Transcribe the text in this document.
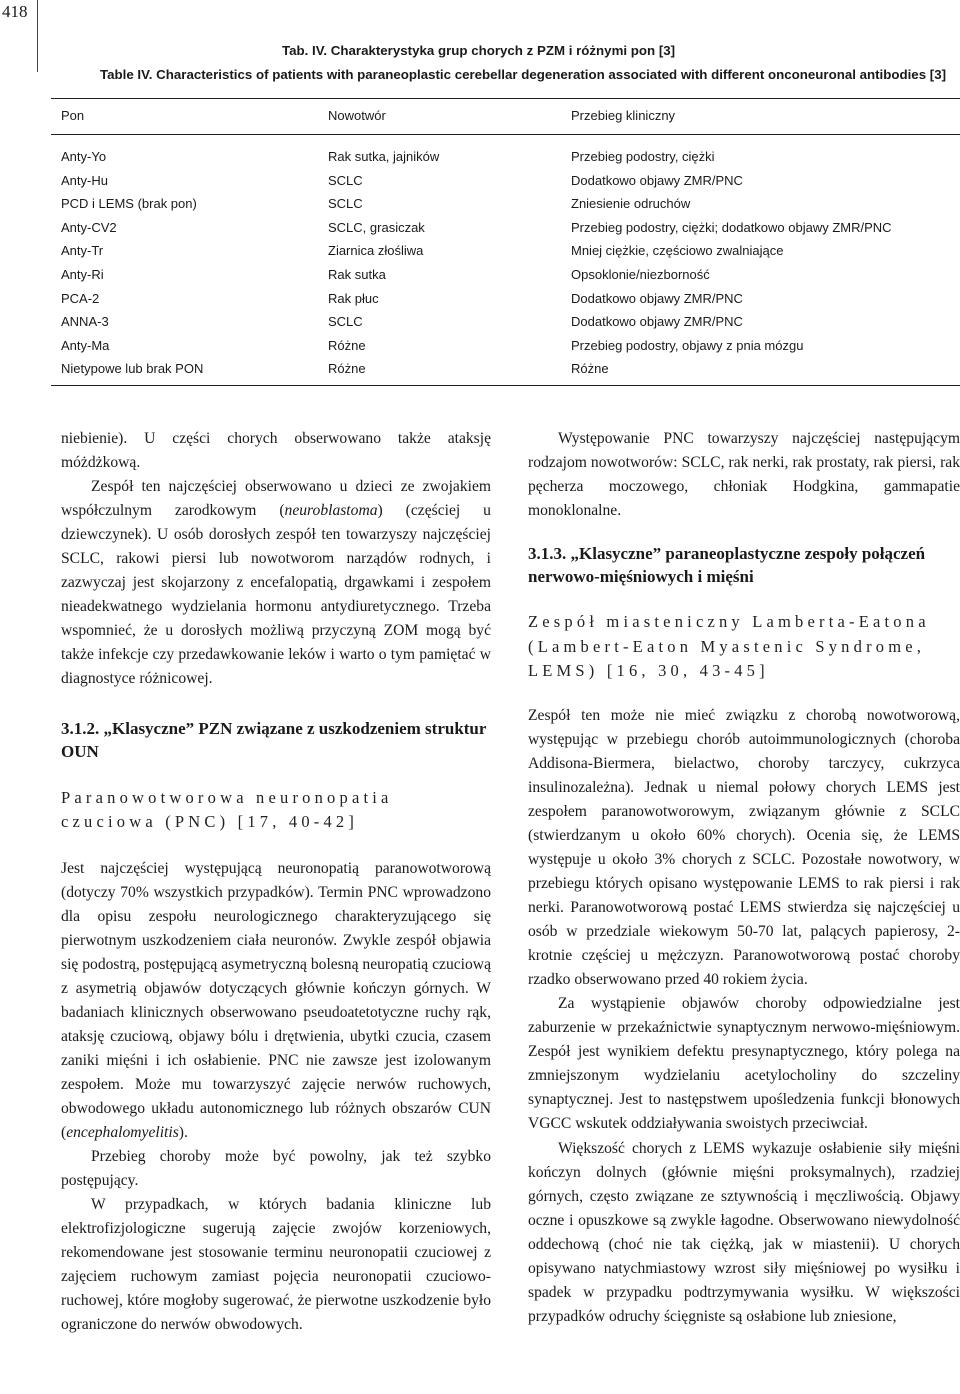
418
Tab. IV. Charakterystyka grup chorych z PZM i różnymi pon [3]
Table IV. Characteristics of patients with paraneoplastic cerebellar degeneration associated with different onconeuronal antibodies [3]
Pon	Nowotwór	Przebieg kliniczny
Anty-Yo	Rak sutka, jajników	Przebieg podostry, ciężki
Anty-Hu	SCLC	Dodatkowo objawy ZMR/PNC
PCD i LEMS (brak pon)	SCLC	Zniesienie odruchów
Anty-CV2	SCLC, grasiczak	Przebieg podostry, ciężki; dodatkowo objawy ZMR/PNC
Anty-Tr	Ziarnica złośliwa	Mniej ciężkie, częściowo zwalniające
Anty-Ri	Rak sutka	Opsoklonie/niezborność
PCA-2	Rak płuc	Dodatkowo objawy ZMR/PNC
ANNA-3	SCLC	Dodatkowo objawy ZMR/PNC
Anty-Ma	Różne	Przebieg podostry, objawy z pnia mózgu
Nietypowe lub brak PON	Różne	Różne

niebienie). U części chorych obserwowano także ataksję móżdżkową.

Zespół ten najczęściej obserwowano u dzieci ze zwojakiem współczulnym zarodkowym (neuroblastoma) (częściej u dziewczynek). U osób dorosłych zespół ten towarzyszy najczęściej SCLC, rakowi piersi lub nowotworom narządów rodnych, i zazwyczaj jest skojarzony z encefalopatią, drgawkami i zespołem nieadekwatnego wydzielania hormonu antydiuretycznego. Trzeba wspomnieć, że u dorosłych możliwą przyczyną ZOM mogą być także infekcje czy przedawkowanie leków i warto o tym pamiętać w diagnostyce różnicowej.

3.1.2. „Klasyczne” PZN związane z uszkodzeniem struktur OUN

Paranowotworowa neuronopatia czuciowa (PNC) [17, 40-42]

Jest najczęściej występującą neuronopatią paranowotworową (dotyczy 70% wszystkich przypadków). Termin PNC wprowadzono dla opisu zespołu neurologicznego charakteryzującego się pierwotnym uszkodzeniem ciała neuronów. Zwykle zespół objawia się podostrą, postępującą asymetryczną bolesną neuropatią czuciową z asymetrią objawów dotyczących głównie kończyn górnych. W badaniach klinicznych obserwowano pseudoatetotyczne ruchy rąk, ataksję czuciową, objawy bólu i drętwienia, ubytki czucia, czasem zaniki mięśni i ich osłabienie. PNC nie zawsze jest izolowanym zespołem. Może mu towarzyszyć zajęcie nerwów ruchowych, obwodowego układu autonomicznego lub różnych obszarów CUN (encephalomyelitis).

Przebieg choroby może być powolny, jak też szybko postępujący.

W przypadkach, w których badania kliniczne lub elektrofizjologiczne sugerują zajęcie zwojów korzeniowych, rekomendowane jest stosowanie terminu neuronopatii czuciowej z zajęciem ruchowym zamiast pojęcia neuronopatii czuciowo-ruchowej, które mogłoby sugerować, że pierwotne uszkodzenie było ograniczone do nerwów obwodowych.

Występowanie PNC towarzyszy najczęściej następującym rodzajom nowotworów: SCLC, rak nerki, rak prostaty, rak piersi, rak pęcherza moczowego, chłoniak Hodgkina, gammapatie monoklonalne.

3.1.3. „Klasyczne” paraneoplastyczne zespoły połączeń nerwowo-mięśniowych i mięśni

Zespół miasteniczny Lamberta-Eatona (Lambert-Eaton Myastenic Syndrome, LEMS) [16, 30, 43-45]

Zespół ten może nie mieć związku z chorobą nowotworową, występując w przebiegu chorób autoimmunologicznych (choroba Addisona-Biermera, bielactwo, choroby tarczycy, cukrzyca insulinozależna). Jednak u niemal połowy chorych LEMS jest zespołem paranowotworowym, związanym głównie z SCLC (stwierdzanym u około 60% chorych). Ocenia się, że LEMS występuje u około 3% chorych z SCLC. Pozostałe nowotwory, w przebiegu których opisano występowanie LEMS to rak piersi i rak nerki. Paranowotworową postać LEMS stwierdza się najczęściej u osób w przedziale wiekowym 50-70 lat, palących papierosy, 2-krotnie częściej u mężczyzn. Paranowotworową postać choroby rzadko obserwowano przed 40 rokiem życia.

Za wystąpienie objawów choroby odpowiedzialne jest zaburzenie w przekaźnictwie synaptycznym nerwowo-mięśniowym. Zespół jest wynikiem defektu presynaptycznego, który polega na zmniejszonym wydzielaniu acetylocholiny do szczeliny synaptycznej. Jest to następstwem upośledzenia funkcji błonowych VGCC wskutek oddziaływania swoistych przeciwciał.

Większość chorych z LEMS wykazuje osłabienie siły mięśni kończyn dolnych (głównie mięśni proksymalnych), rzadziej górnych, często związane ze sztywnością i męczliwością. Objawy oczne i opuszkowe są zwykle łagodne. Obserwowano niewydolność oddechową (choć nie tak ciężką, jak w miastenii). U chorych opisywano natychmiastowy wzrost siły mięśniowej po wysiłku i spadek w przypadku podtrzymywania wysiłku. W większości przypadków odruchy ścięgniste są osłabione lub zniesione,
